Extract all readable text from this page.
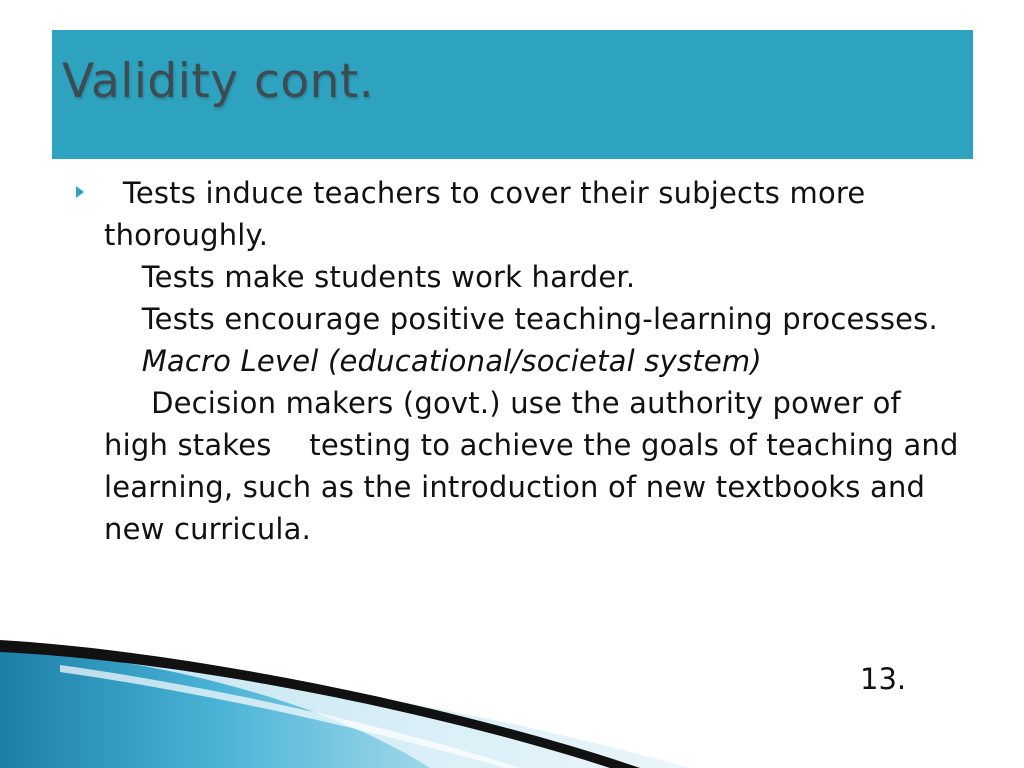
Validity cont.

Tests induce teachers to cover their subjects more thoroughly.

Tests make students work harder.

Tests encourage positive teaching-learning processes.

Macro Level (educational/societal system)

Decision makers (govt.) use the authority power of high stakes    testing to achieve the goals of teaching and learning, such as the introduction of new textbooks and new curricula.

13.
